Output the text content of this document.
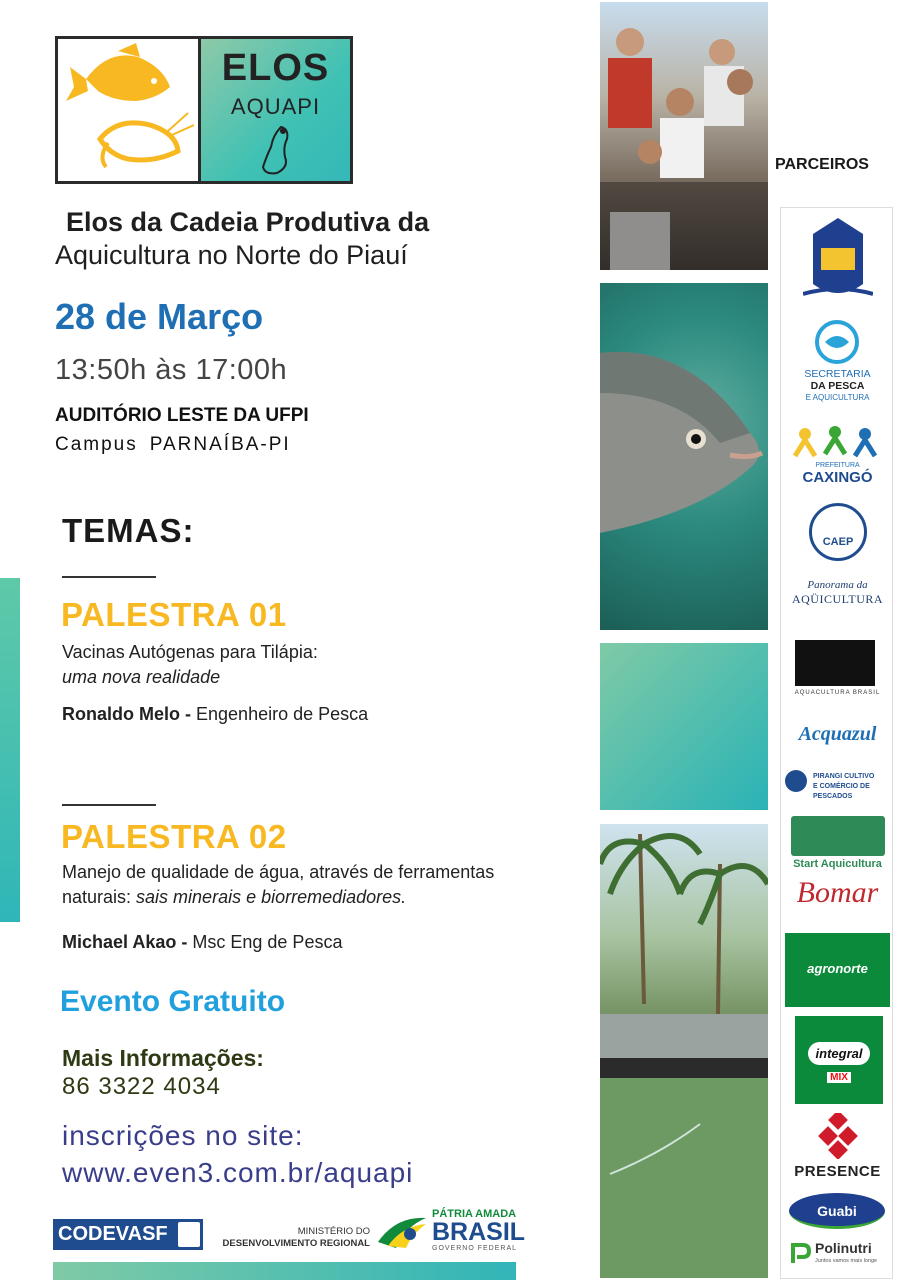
ELOS
AQUAPI
Elos da Cadeia Produtiva da
Aquicultura no Norte do Piauí
28 de Março
13:50h às 17:00h
AUDITÓRIO LESTE DA UFPI
Campus PARNAÍBA-PI
TEMAS:
PALESTRA 01
Vacinas Autógenas para Tilápia:
uma nova realidade
Ronaldo Melo - Engenheiro de Pesca
PALESTRA 02
Manejo de qualidade de água, através de ferramentas
naturais: sais minerais e biorremediadores.
Michael Akao - Msc Eng de Pesca
Evento Gratuito
Mais Informações:
86 3322 4034
inscrições no site:
www.even3.com.br/aquapi
CODEVASF	MINISTÉRIO DO
DESENVOLVIMENTO REGIONAL
PÁTRIA AMADA
BRASIL
GOVERNO FEDERAL
PARCEIROS
SECRETARIA
DA PESCA
E AQUICULTURA
PREFEITURA
CAXINGÓ
CAEP
Panorama da
AQÜICULTURA
AQUACULTURA BRASIL
Acquazul
PIRANGI CULTIVO
E COMÉRCIO DE PESCADOS
Start Aquicultura
Bomar
agronorte
integral MIX
PRESENCE
Guabi
Polinutri
Juntos vamos mais longe
